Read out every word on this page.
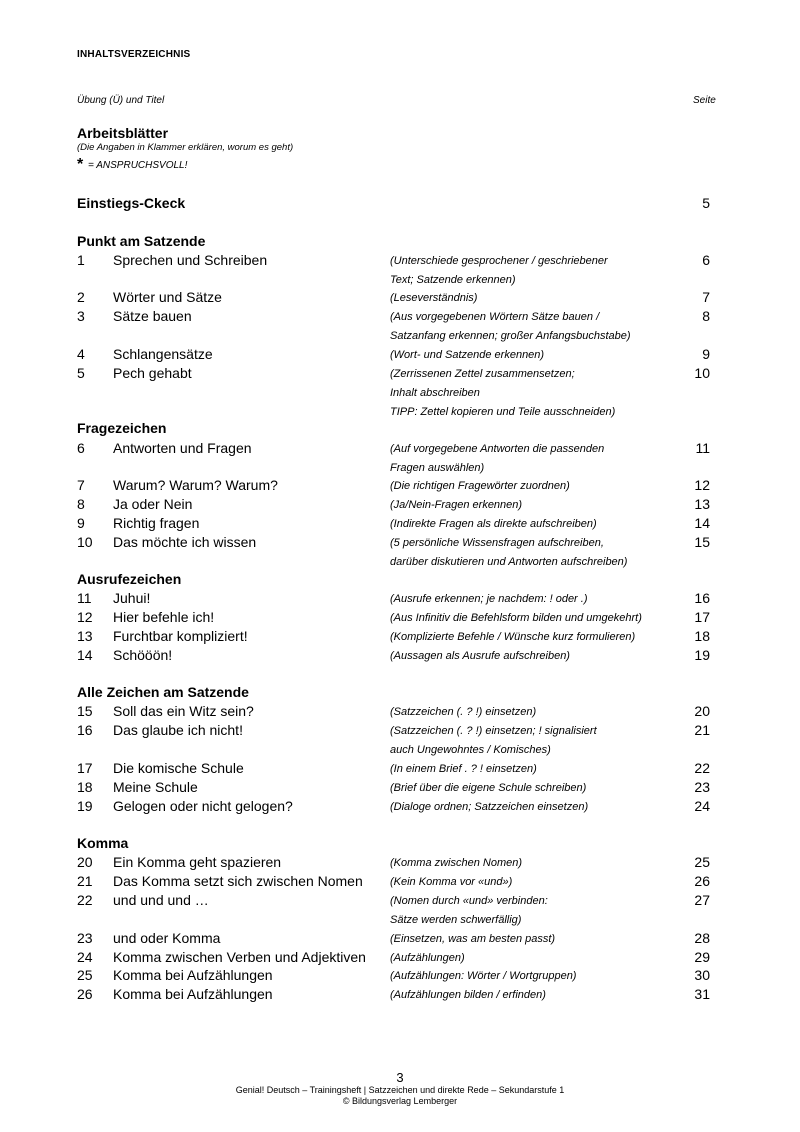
INHALTSVERZEICHNIS
Übung (Ü) und Titel	Seite
Arbeitsblätter
(Die Angaben in Klammer erklären, worum es geht)
* = ANSPRUCHSVOLL!
Einstiegs-Ckeck	5
Punkt am Satzende
1 Sprechen und Schreiben	6
(Unterschiede gesprochener / geschriebener
Text; Satzende erkennen)
2 Wörter und Sätze	7
(Leseverständnis)
3 Sätze bauen	8
(Aus vorgegebenen Wörtern Sätze bauen /
Satzanfang erkennen; großer Anfangsbuchstabe)
4 Schlangensätze	9
(Wort- und Satzende erkennen)
5 Pech gehabt	10
(Zerrissenen Zettel zusammensetzen;
Inhalt abschreiben
TIPP: Zettel kopieren und Teile ausschneiden)
Fragezeichen
6 Antworten und Fragen	11
(Auf vorgegebene Antworten die passenden
Fragen auswählen)
7 Warum? Warum? Warum?	12
(Die richtigen Fragewörter zuordnen)
8 Ja oder Nein	13
(Ja/Nein-Fragen erkennen)
9 Richtig fragen	14
(Indirekte Fragen als direkte aufschreiben)
10 Das möchte ich wissen	15
(5 persönliche Wissensfragen aufschreiben,
darüber diskutieren und Antworten aufschreiben)
Ausrufezeichen
11 Juhui!	16
(Ausrufe erkennen; je nachdem: ! oder .)
12 Hier befehle ich!	17
(Aus Infinitiv die Befehlsform bilden und umgekehrt)
13 Furchtbar kompliziert!	18
(Komplizierte Befehle / Wünsche kurz formulieren)
14 Schööön!	19
(Aussagen als Ausrufe aufschreiben)
Alle Zeichen am Satzende
15 Soll das ein Witz sein?	20
(Satzzeichen (. ? !) einsetzen)
16 Das glaube ich nicht!	21
(Satzzeichen (. ? !) einsetzen; ! signalisiert
auch Ungewohntes / Komisches)
17 Die komische Schule	22
(In einem Brief . ? ! einsetzen)
18 Meine Schule	23
(Brief über die eigene Schule schreiben)
19 Gelogen oder nicht gelogen?	24
(Dialoge ordnen; Satzzeichen einsetzen)
Komma
20 Ein Komma geht spazieren	25
(Komma zwischen Nomen)
21 Das Komma setzt sich zwischen Nomen	26
(Kein Komma vor «und»)
22 und und und …	27
(Nomen durch «und» verbinden:
Sätze werden schwerfällig)
23 und oder Komma	28
(Einsetzen, was am besten passt)
24 Komma zwischen Verben und Adjektiven	29
(Aufzählungen)
25 Komma bei Aufzählungen	30
(Aufzählungen: Wörter / Wortgruppen)
26 Komma bei Aufzählungen	31
(Aufzählungen bilden / erfinden)
3
Genial! Deutsch – Trainingsheft | Satzzeichen und direkte Rede – Sekundarstufe 1
© Bildungsverlag Lemberger
